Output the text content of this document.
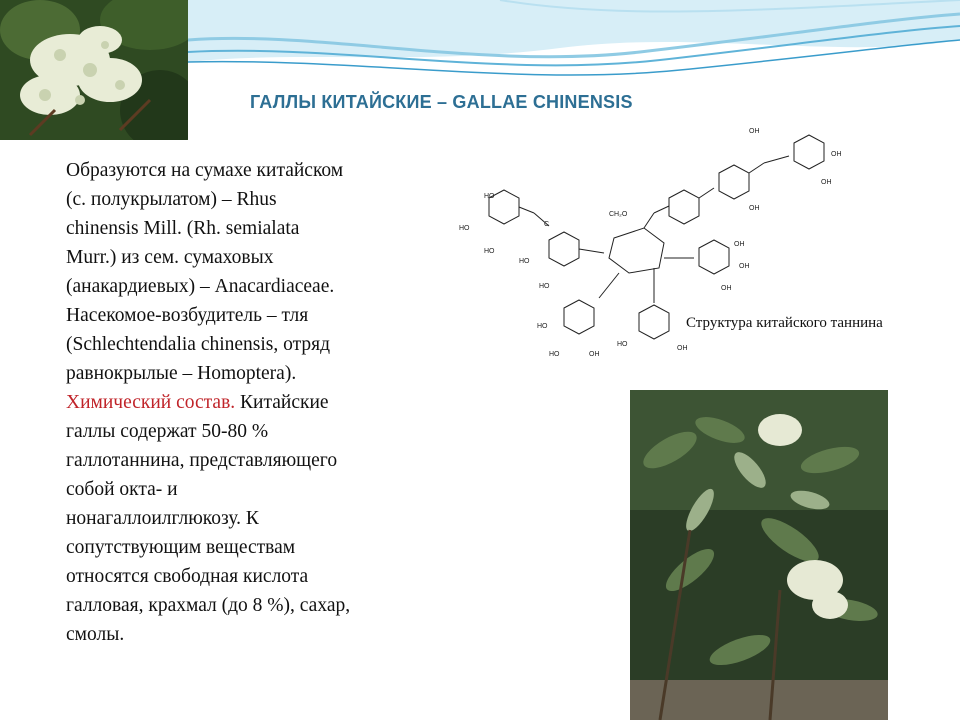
ГАЛЛЫ КИТАЙСКИЕ – GALLAE CHINENSIS
Образуются на сумахе китайском
(с. полукрылатом) – Rhus
chinensis Mill. (Rh. semialata
Murr.) из сем. сумаховых
(анакардиевых) – Anacardiaceae.
Насекомое-возбудитель – тля
(Schlechtendalia chinensis, отряд
равнокрылые – Homoptera).
Химический состав. Китайские
галлы содержат 50-80 %
галлотаннина, представляющего
собой окта- и
нонагаллоилглюкозу. К
сопутствующим веществам
относятся свободная кислота
галловая, крахмал (до 8 %), сахар,
смолы.
HO
HO
HO
C
HO
HO
CH₂O
OH
OH
OH
OH
OH
OH
OH
HO
HO	OH
HO
OH
Структура китайского таннина
